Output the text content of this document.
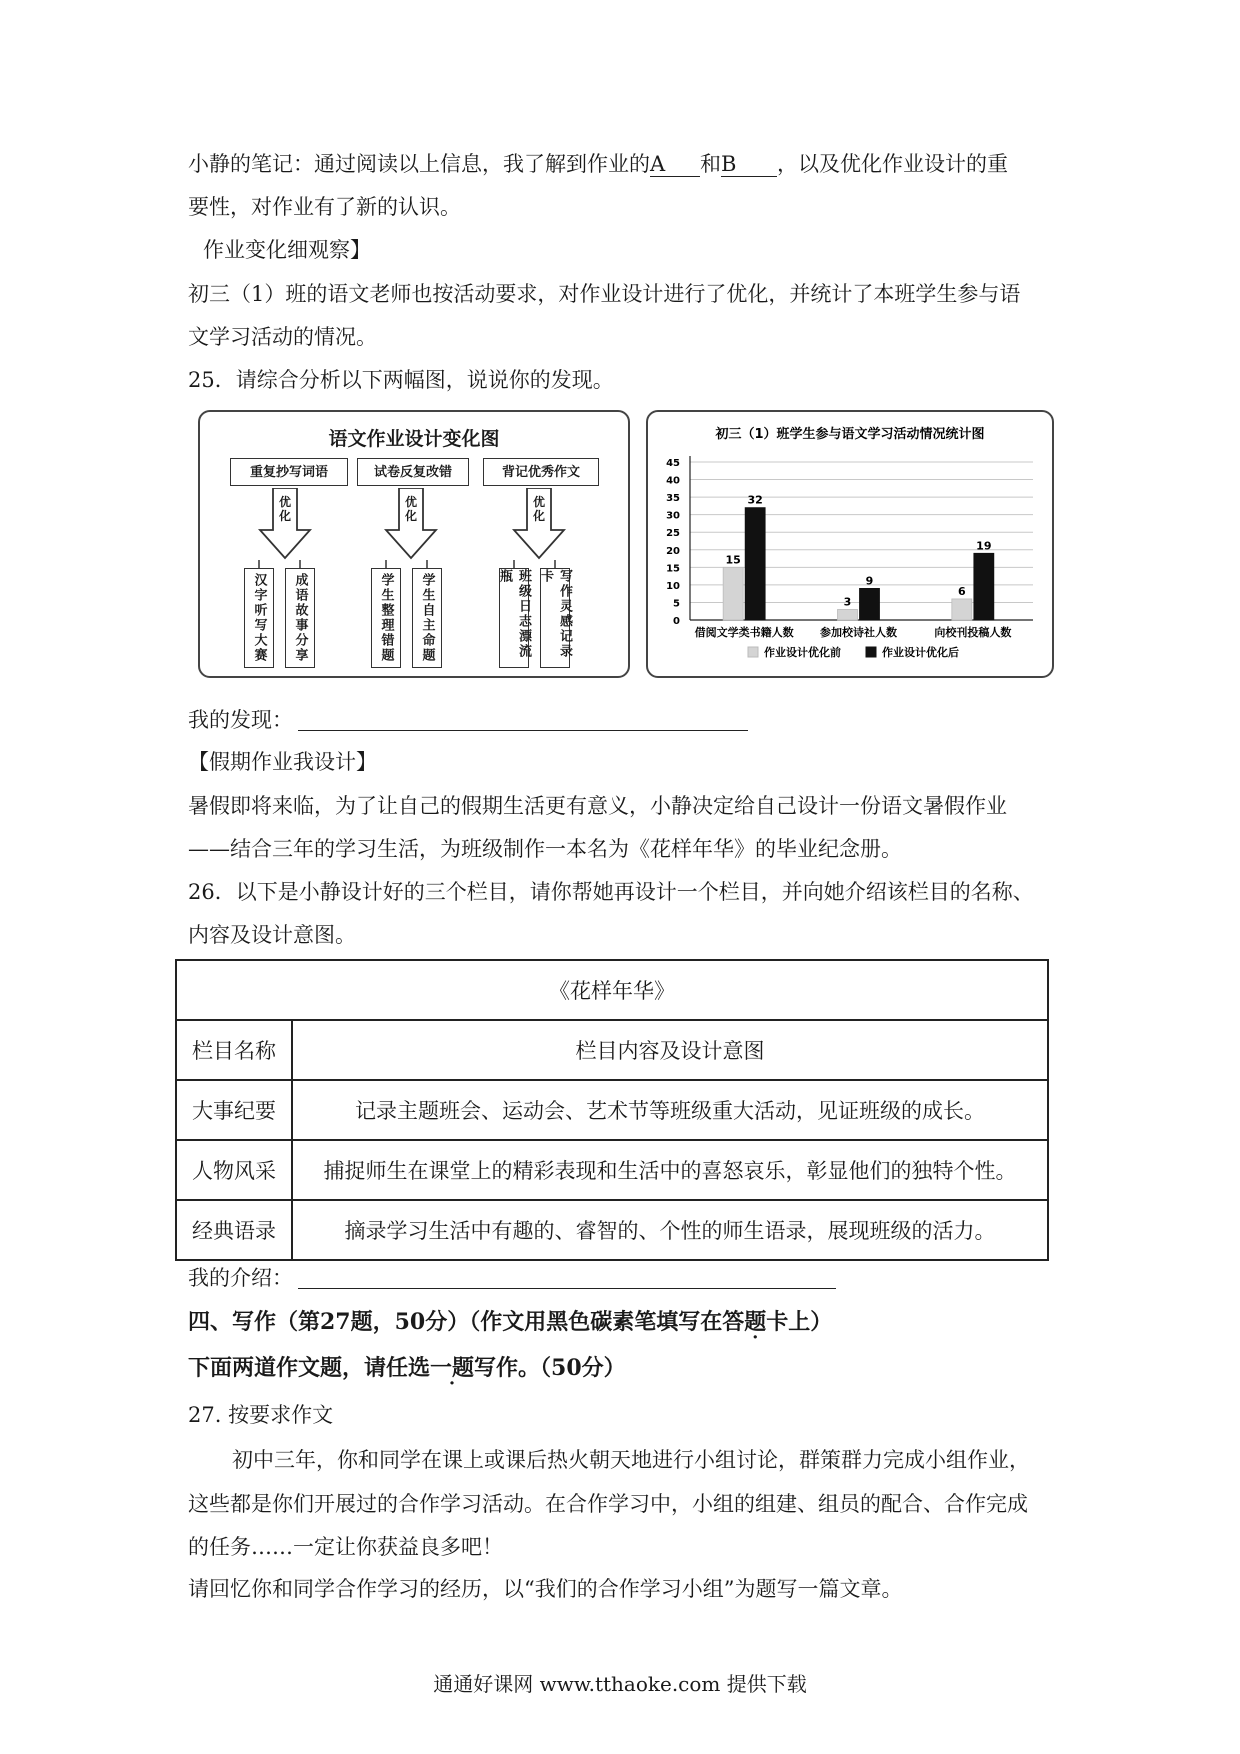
小静的笔记：通过阅读以上信息，我了解到作业的A 和B ，以及优化作业设计的重
要性，对作业有了新的认识。
作业变化细观察】
初三（1）班的语文老师也按活动要求，对作业设计进行了优化，并统计了本班学生参与语
文学习活动的情况。
25．请综合分析以下两幅图，说说你的发现。
语文作业设计变化图
重复抄写词语	试卷反复改错	背记优秀作文
优化
优化
优化
汉字听写大赛	成语故事分享	学生整理错题	学生自主命题	班级日志漂流瓶	写作灵感记录卡
初三（1）班学生参与语文学习活动情况统计图
45
40
35
30
25
20
15
10
5
0
15
32
借阅文学类书籍人数
3
9
参加校诗社人数
6
19
向校刊投稿人数
作业设计优化前	作业设计优化后
我的发现：
【假期作业我设计】
暑假即将来临，为了让自己的假期生活更有意义，小静决定给自己设计一份语文暑假作业
——结合三年的学习生活，为班级制作一本名为《花样年华》的毕业纪念册。
26．以下是小静设计好的三个栏目，请你帮她再设计一个栏目，并向她介绍该栏目的名称、
内容及设计意图。
《花样年华》	
栏目名称	栏目内容及设计意图
大事纪要	记录主题班会、运动会、艺术节等班级重大活动，见证班级的成长。
人物风采	捕捉师生在课堂上的精彩表现和生活中的喜怒哀乐，彰显他们的独特个性。
经典语录	摘录学习生活中有趣的、睿智的、个性的师生语录，展现班级的活力。
我的介绍：
四、写作（第27题，50分）（作文用黑色碳素笔填写在答题卡上）
下面两道作文题，请任选一题写作。（50分）
27. 按要求作文
初中三年，你和同学在课上或课后热火朝天地进行小组讨论，群策群力完成小组作业，
这些都是你们开展过的合作学习活动。在合作学习中，小组的组建、组员的配合、合作完成
的任务……一定让你获益良多吧！
请回忆你和同学合作学习的经历，以“我们的合作学习小组”为题写一篇文章。
通通好课网 www.tthaoke.com 提供下载
